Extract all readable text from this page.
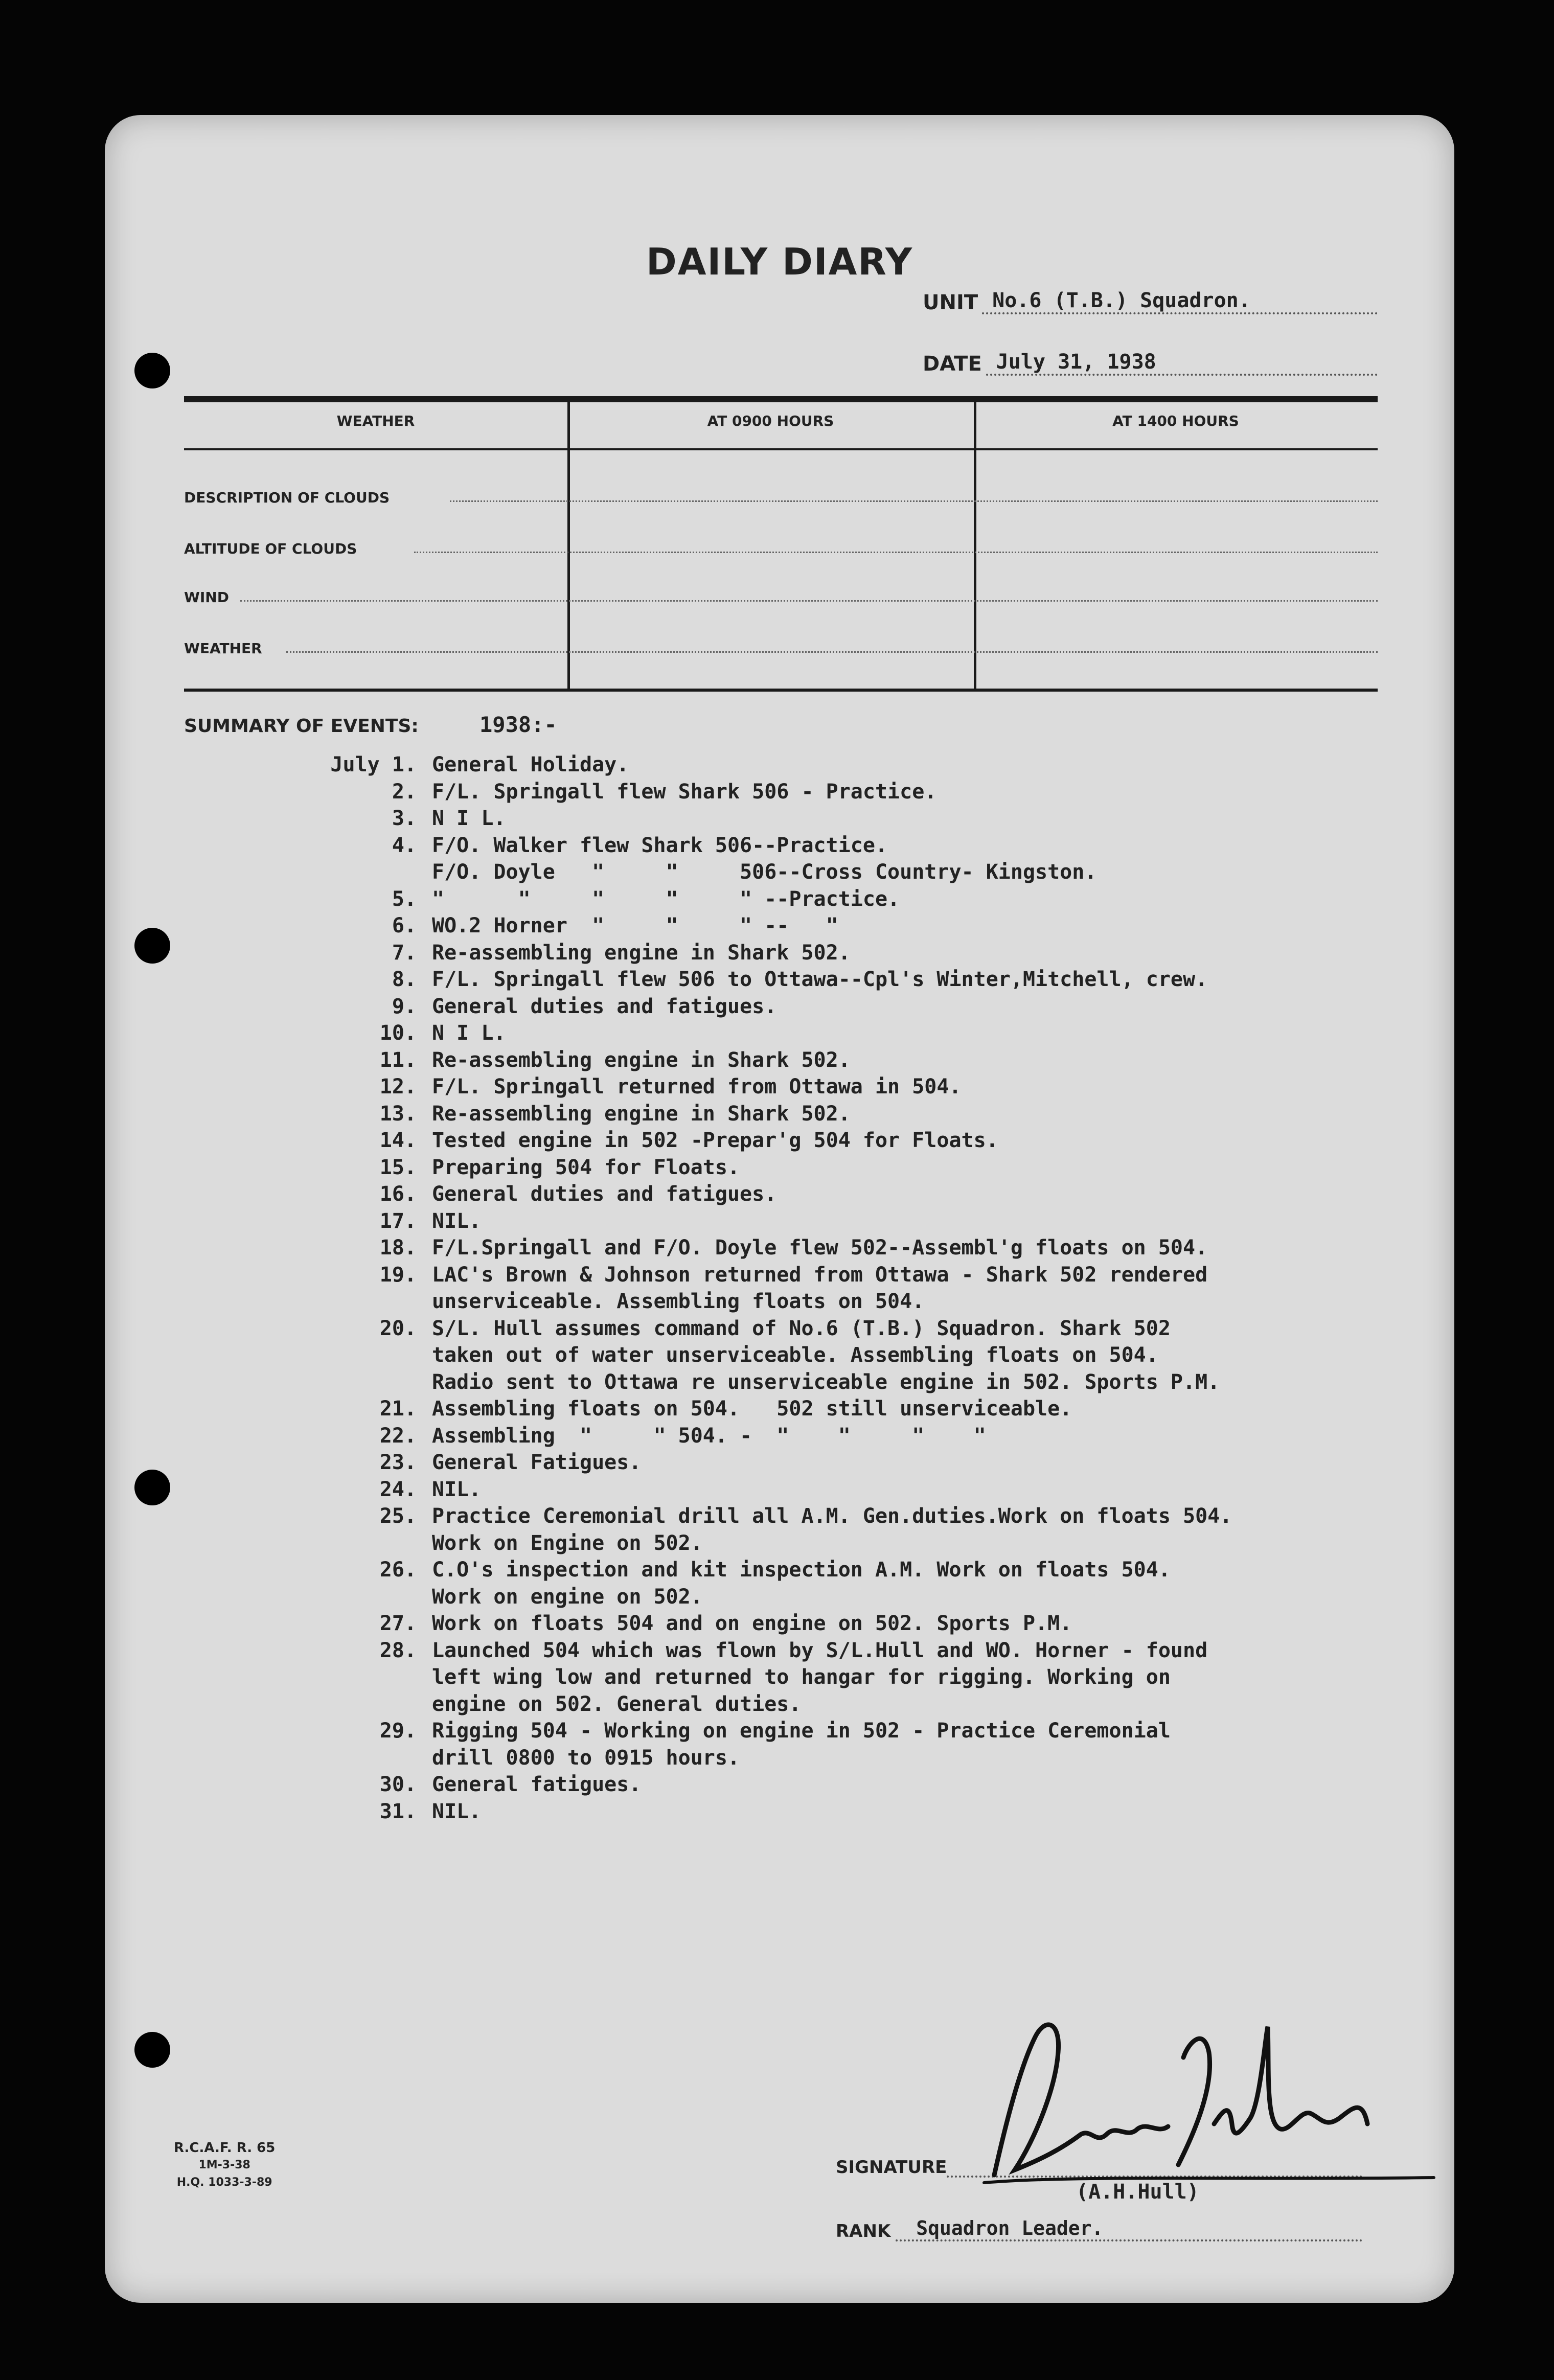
DAILY DIARY
UNIT No.6 (T.B.) Squadron.
DATE July 31, 1938
WEATHER	AT 0900 HOURS	AT 1400 HOURS
DESCRIPTION OF CLOUDS
ALTITUDE OF CLOUDS
WIND
WEATHER
SUMMARY OF EVENTS:	1938:-
July 1. General Holiday.
2. F/L. Springall flew Shark 506 - Practice.
3. N I L.
4. F/O. Walker flew Shark 506--Practice.
F/O. Doyle   "     "     506--Cross Country- Kingston.
5. "      "     "     "     " --Practice.
6. WO.2 Horner  "     "     " --   "
7. Re-assembling engine in Shark 502.
8. F/L. Springall flew 506 to Ottawa--Cpl's Winter,Mitchell, crew.
9. General duties and fatigues.
10. N I L.
11. Re-assembling engine in Shark 502.
12. F/L. Springall returned from Ottawa in 504.
13. Re-assembling engine in Shark 502.
14. Tested engine in 502 -Prepar'g 504 for Floats.
15. Preparing 504 for Floats.
16. General duties and fatigues.
17. NIL.
18. F/L.Springall and F/O. Doyle flew 502--Assembl'g floats on 504.
19. LAC's Brown & Johnson returned from Ottawa - Shark 502 rendered
unserviceable. Assembling floats on 504.
20. S/L. Hull assumes command of No.6 (T.B.) Squadron. Shark 502
taken out of water unserviceable. Assembling floats on 504.
Radio sent to Ottawa re unserviceable engine in 502. Sports P.M.
21. Assembling floats on 504.   502 still unserviceable.
22. Assembling  "     " 504. -  "    "     "    "
23. General Fatigues.
24. NIL.
25. Practice Ceremonial drill all A.M. Gen.duties.Work on floats 504.
Work on Engine on 502.
26. C.O's inspection and kit inspection A.M. Work on floats 504.
Work on engine on 502.
27. Work on floats 504 and on engine on 502. Sports P.M.
28. Launched 504 which was flown by S/L.Hull and WO. Horner - found
left wing low and returned to hangar for rigging. Working on
engine on 502. General duties.
29. Rigging 504 - Working on engine in 502 - Practice Ceremonial
drill 0800 to 0915 hours.
30. General fatigues.
31. NIL.
R.C.A.F. R. 65
1M-3-38
H.Q. 1033-3-89
SIGNATURE
(A.H.Hull)
RANK	Squadron Leader.
